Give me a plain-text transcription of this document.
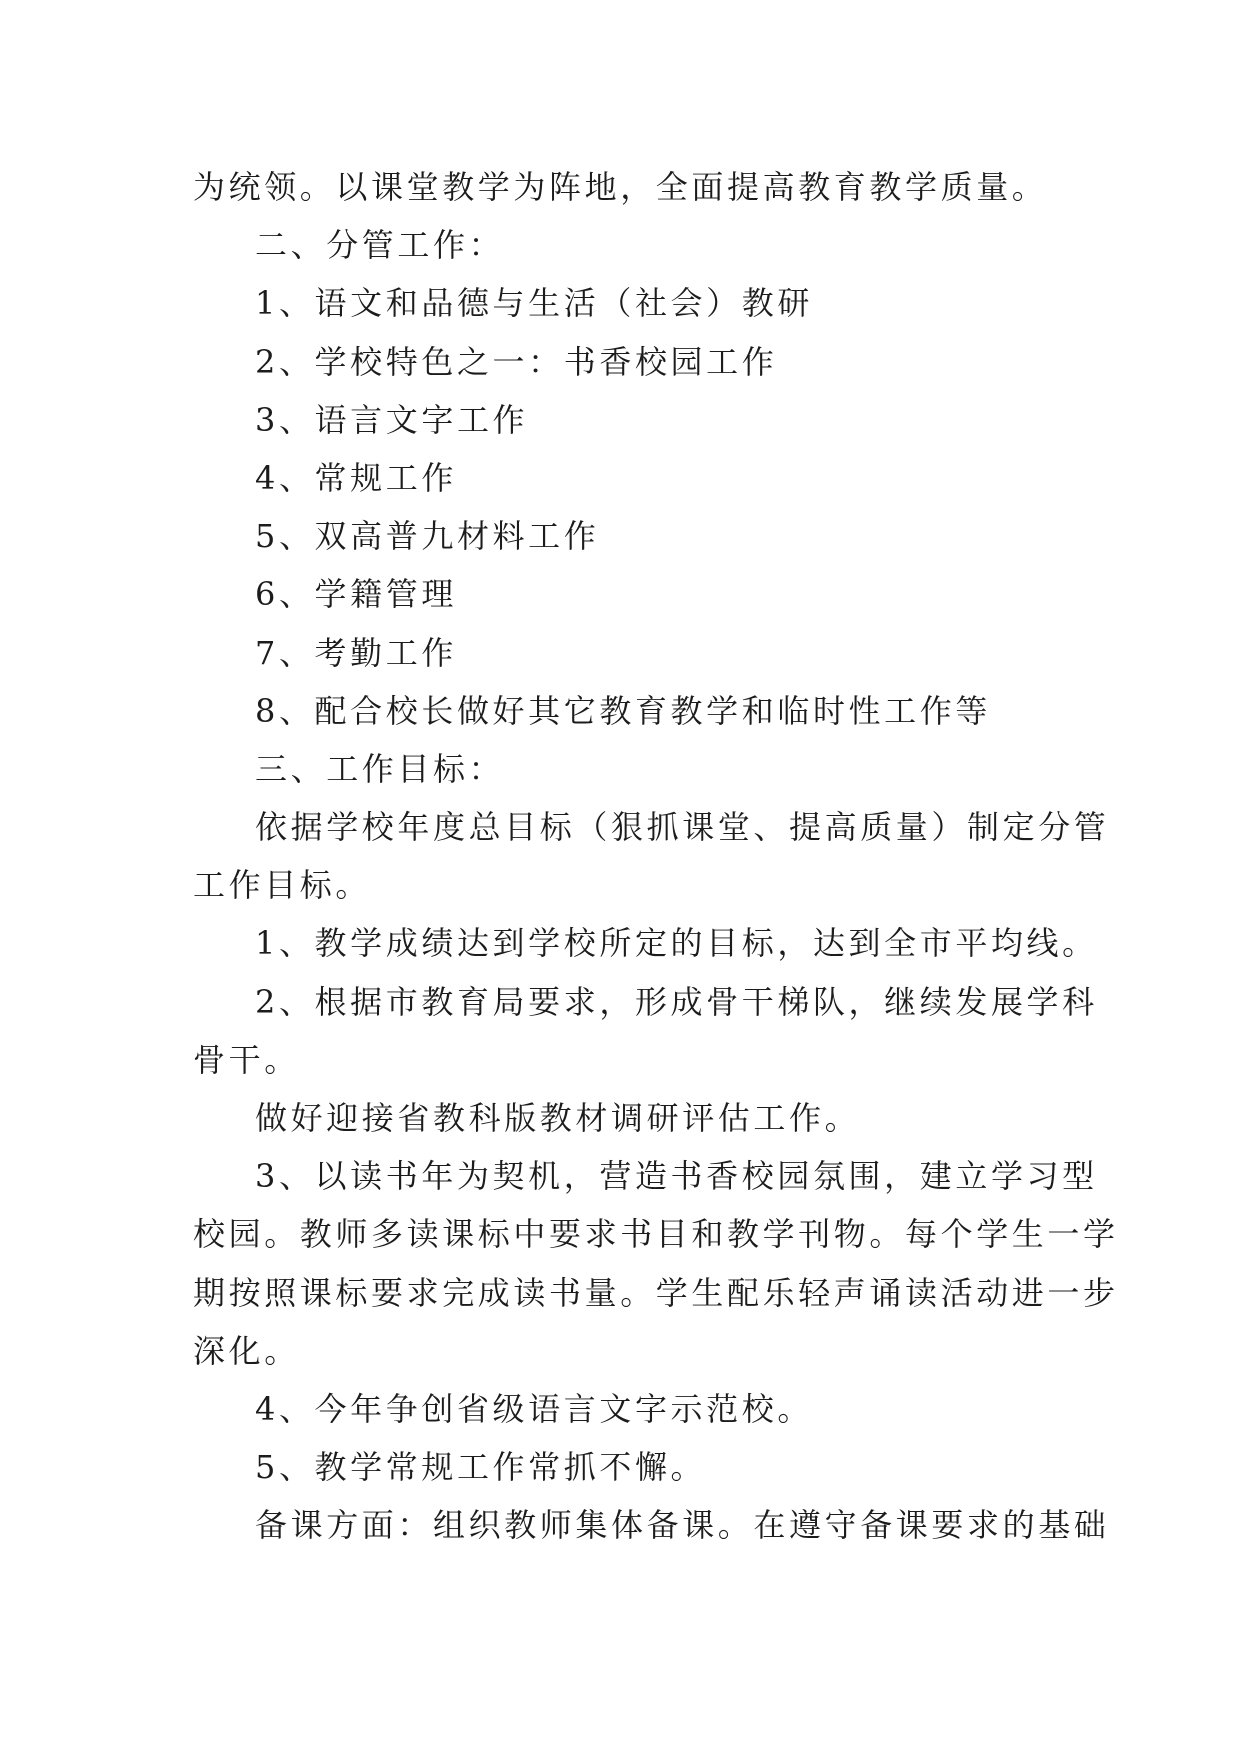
为统领。以课堂教学为阵地，全面提高教育教学质量。
二、分管工作：
1、语文和品德与生活（社会）教研
2、学校特色之一：书香校园工作
3、语言文字工作
4、常规工作
5、双高普九材料工作
6、学籍管理
7、考勤工作
8、配合校长做好其它教育教学和临时性工作等
三、工作目标：
依据学校年度总目标（狠抓课堂、提高质量）制定分管
工作目标。
1、教学成绩达到学校所定的目标，达到全市平均线。
2、根据市教育局要求，形成骨干梯队，继续发展学科
骨干。
做好迎接省教科版教材调研评估工作。
3、以读书年为契机，营造书香校园氛围，建立学习型
校园。教师多读课标中要求书目和教学刊物。每个学生一学
期按照课标要求完成读书量。学生配乐轻声诵读活动进一步
深化。
4、今年争创省级语言文字示范校。
5、教学常规工作常抓不懈。
备课方面：组织教师集体备课。在遵守备课要求的基础
